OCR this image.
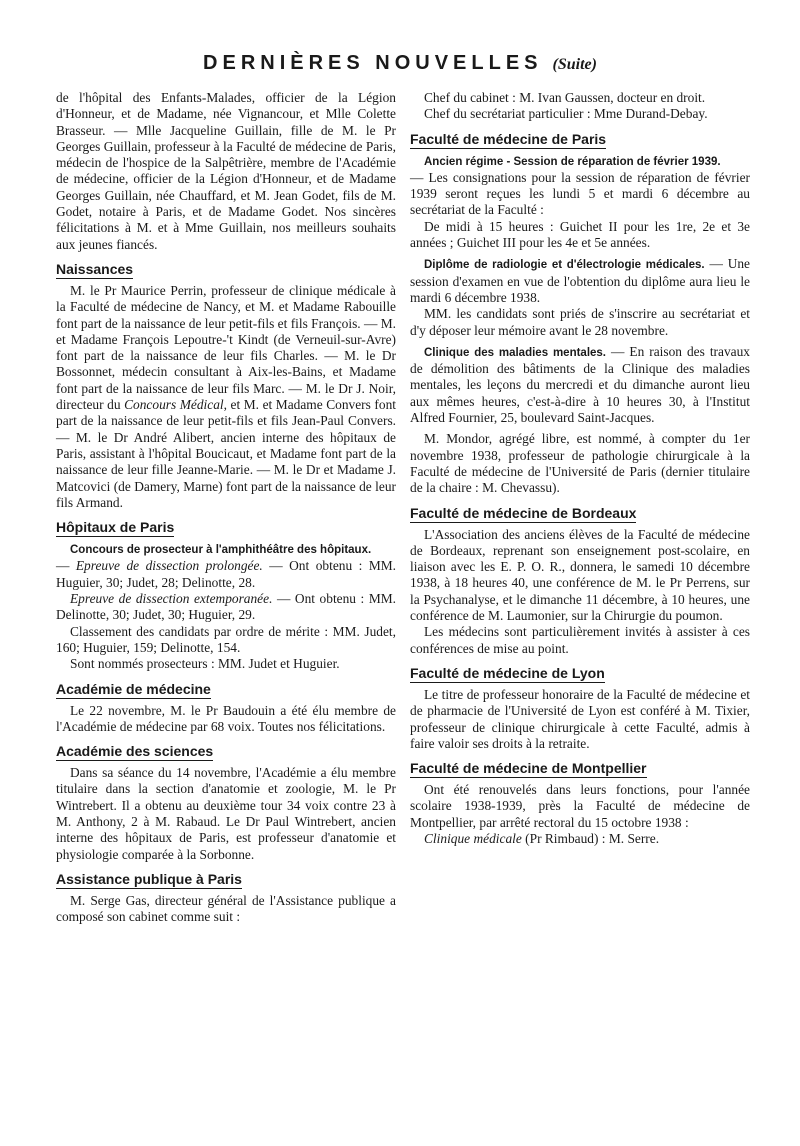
DERNIÈRES NOUVELLES (Suite)

de l'hôpital des Enfants-Malades, officier de la Légion d'Honneur, et de Madame, née Vignancour, et Mlle Colette Brasseur. — Mlle Jacqueline Guillain, fille de M. le Pr Georges Guillain, professeur à la Faculté de médecine de Paris, médecin de l'hospice de la Salpêtrière, membre de l'Académie de médecine, officier de la Légion d'Honneur, et de Madame Georges Guillain, née Chauffard, et M. Jean Godet, fils de M. Godet, notaire à Paris, et de Madame Godet. Nos sincères félicitations à M. et à Mme Guillain, nos meilleurs souhaits aux jeunes fiancés.

Naissances

M. le Pr Maurice Perrin, professeur de clinique médicale à la Faculté de médecine de Nancy, et M. et Madame Rabouille font part de la naissance de leur petit-fils et fils François. — M. et Madame François Lepoutre-'t Kindt (de Verneuil-sur-Avre) font part de la naissance de leur fils Charles. — M. le Dr Bossonnet, médecin consultant à Aix-les-Bains, et Madame font part de la naissance de leur fils Marc. — M. le Dr J. Noir, directeur du Concours Médical, et M. et Madame Convers font part de la naissance de leur petit-fils et fils Jean-Paul Convers. — M. le Dr André Alibert, ancien interne des hôpitaux de Paris, assistant à l'hôpital Boucicaut, et Madame font part de la naissance de leur fille Jeanne-Marie. — M. le Dr et Madame J. Matcovici (de Damery, Marne) font part de la naissance de leur fils Armand.

Hôpitaux de Paris

Concours de prosecteur à l'amphithéâtre des hôpitaux.

— Epreuve de dissection prolongée. — Ont obtenu : MM. Huguier, 30; Judet, 28; Delinotte, 28.

Epreuve de dissection extemporanée. — Ont obtenu : MM. Delinotte, 30; Judet, 30; Huguier, 29.

Classement des candidats par ordre de mérite : MM. Judet, 160; Huguier, 159; Delinotte, 154.

Sont nommés prosecteurs : MM. Judet et Huguier.

Académie de médecine

Le 22 novembre, M. le Pr Baudouin a été élu membre de l'Académie de médecine par 68 voix. Toutes nos félicitations.

Académie des sciences

Dans sa séance du 14 novembre, l'Académie a élu membre titulaire dans la section d'anatomie et zoologie, M. le Pr Wintrebert. Il a obtenu au deuxième tour 34 voix contre 23 à M. Anthony, 2 à M. Rabaud. Le Dr Paul Wintrebert, ancien interne des hôpitaux de Paris, est professeur d'anatomie et physiologie comparée à la Sorbonne.

Assistance publique à Paris

M. Serge Gas, directeur général de l'Assistance publique a composé son cabinet comme suit :

Chef du cabinet : M. Ivan Gaussen, docteur en droit.

Chef du secrétariat particulier : Mme Durand-Debay.

Faculté de médecine de Paris

Ancien régime - Session de réparation de février 1939.

— Les consignations pour la session de réparation de février 1939 seront reçues les lundi 5 et mardi 6 décembre au secrétariat de la Faculté :

De midi à 15 heures : Guichet II pour les 1re, 2e et 3e années ; Guichet III pour les 4e et 5e années.

Diplôme de radiologie et d'électrologie médicales. — Une session d'examen en vue de l'obtention du diplôme aura lieu le mardi 6 décembre 1938.

MM. les candidats sont priés de s'inscrire au secrétariat et d'y déposer leur mémoire avant le 28 novembre.

Clinique des maladies mentales. — En raison des travaux de démolition des bâtiments de la Clinique des maladies mentales, les leçons du mercredi et du dimanche auront lieu aux mêmes heures, c'est-à-dire à 10 heures 30, à l'Institut Alfred Fournier, 25, boulevard Saint-Jacques.

M. Mondor, agrégé libre, est nommé, à compter du 1er novembre 1938, professeur de pathologie chirurgicale à la Faculté de médecine de l'Université de Paris (dernier titulaire de la chaire : M. Chevassu).

Faculté de médecine de Bordeaux

L'Association des anciens élèves de la Faculté de médecine de Bordeaux, reprenant son enseignement post-scolaire, en liaison avec les E. P. O. R., donnera, le samedi 10 décembre 1938, à 18 heures 40, une conférence de M. le Pr Perrens, sur la Psychanalyse, et le dimanche 11 décembre, à 10 heures, une conférence de M. Laumonier, sur la Chirurgie du poumon.

Les médecins sont particulièrement invités à assister à ces conférences de mise au point.

Faculté de médecine de Lyon

Le titre de professeur honoraire de la Faculté de médecine et de pharmacie de l'Université de Lyon est conféré à M. Tixier, professeur de clinique chirurgicale à cette Faculté, admis à faire valoir ses droits à la retraite.

Faculté de médecine de Montpellier

Ont été renouvelés dans leurs fonctions, pour l'année scolaire 1938-1939, près la Faculté de médecine de Montpellier, par arrêté rectoral du 15 octobre 1938 :

Clinique médicale (Pr Rimbaud) : M. Serre.
